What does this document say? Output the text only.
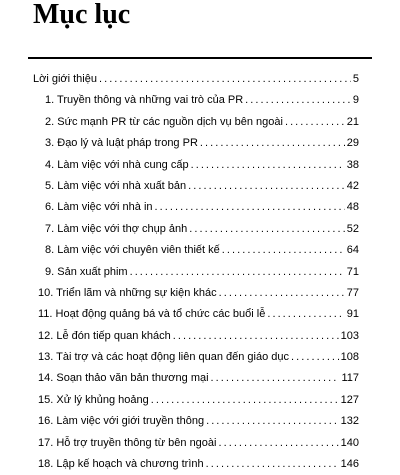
Mục lục
Lời giới thiệu . . .	5
1. Truyền thông và những vai trò của PR . . .	9
2. Sức mạnh PR từ các nguồn dịch vụ bên ngoài . . .	21
3. Đạo lý và luật pháp trong PR . . .	29
4. Làm việc với nhà cung cấp . . .	38
5. Làm việc với nhà xuất bản . . .	42
6. Làm việc với nhà in . . .	48
7. Làm việc với thợ chụp ảnh . . .	52
8. Làm việc với chuyên viên thiết kế . . .	64
9. Sản xuất phim . . .	71
10. Triển lãm và những sự kiện khác . . .	77
11. Hoạt động quảng bá và tổ chức các buổi lễ . . .	91
12. Lễ đón tiếp quan khách . . .	103
13. Tài trợ và các hoạt động liên quan đến giáo dục . . .	108
14. Soạn thảo văn bản thương mại . . .	117
15. Xử lý khủng hoảng . . .	127
16. Làm việc với giới truyền thông . . .	132
17. Hỗ trợ truyền thông từ bên ngoài . . .	140
18. Lập kế hoạch và chương trình . . .	146
